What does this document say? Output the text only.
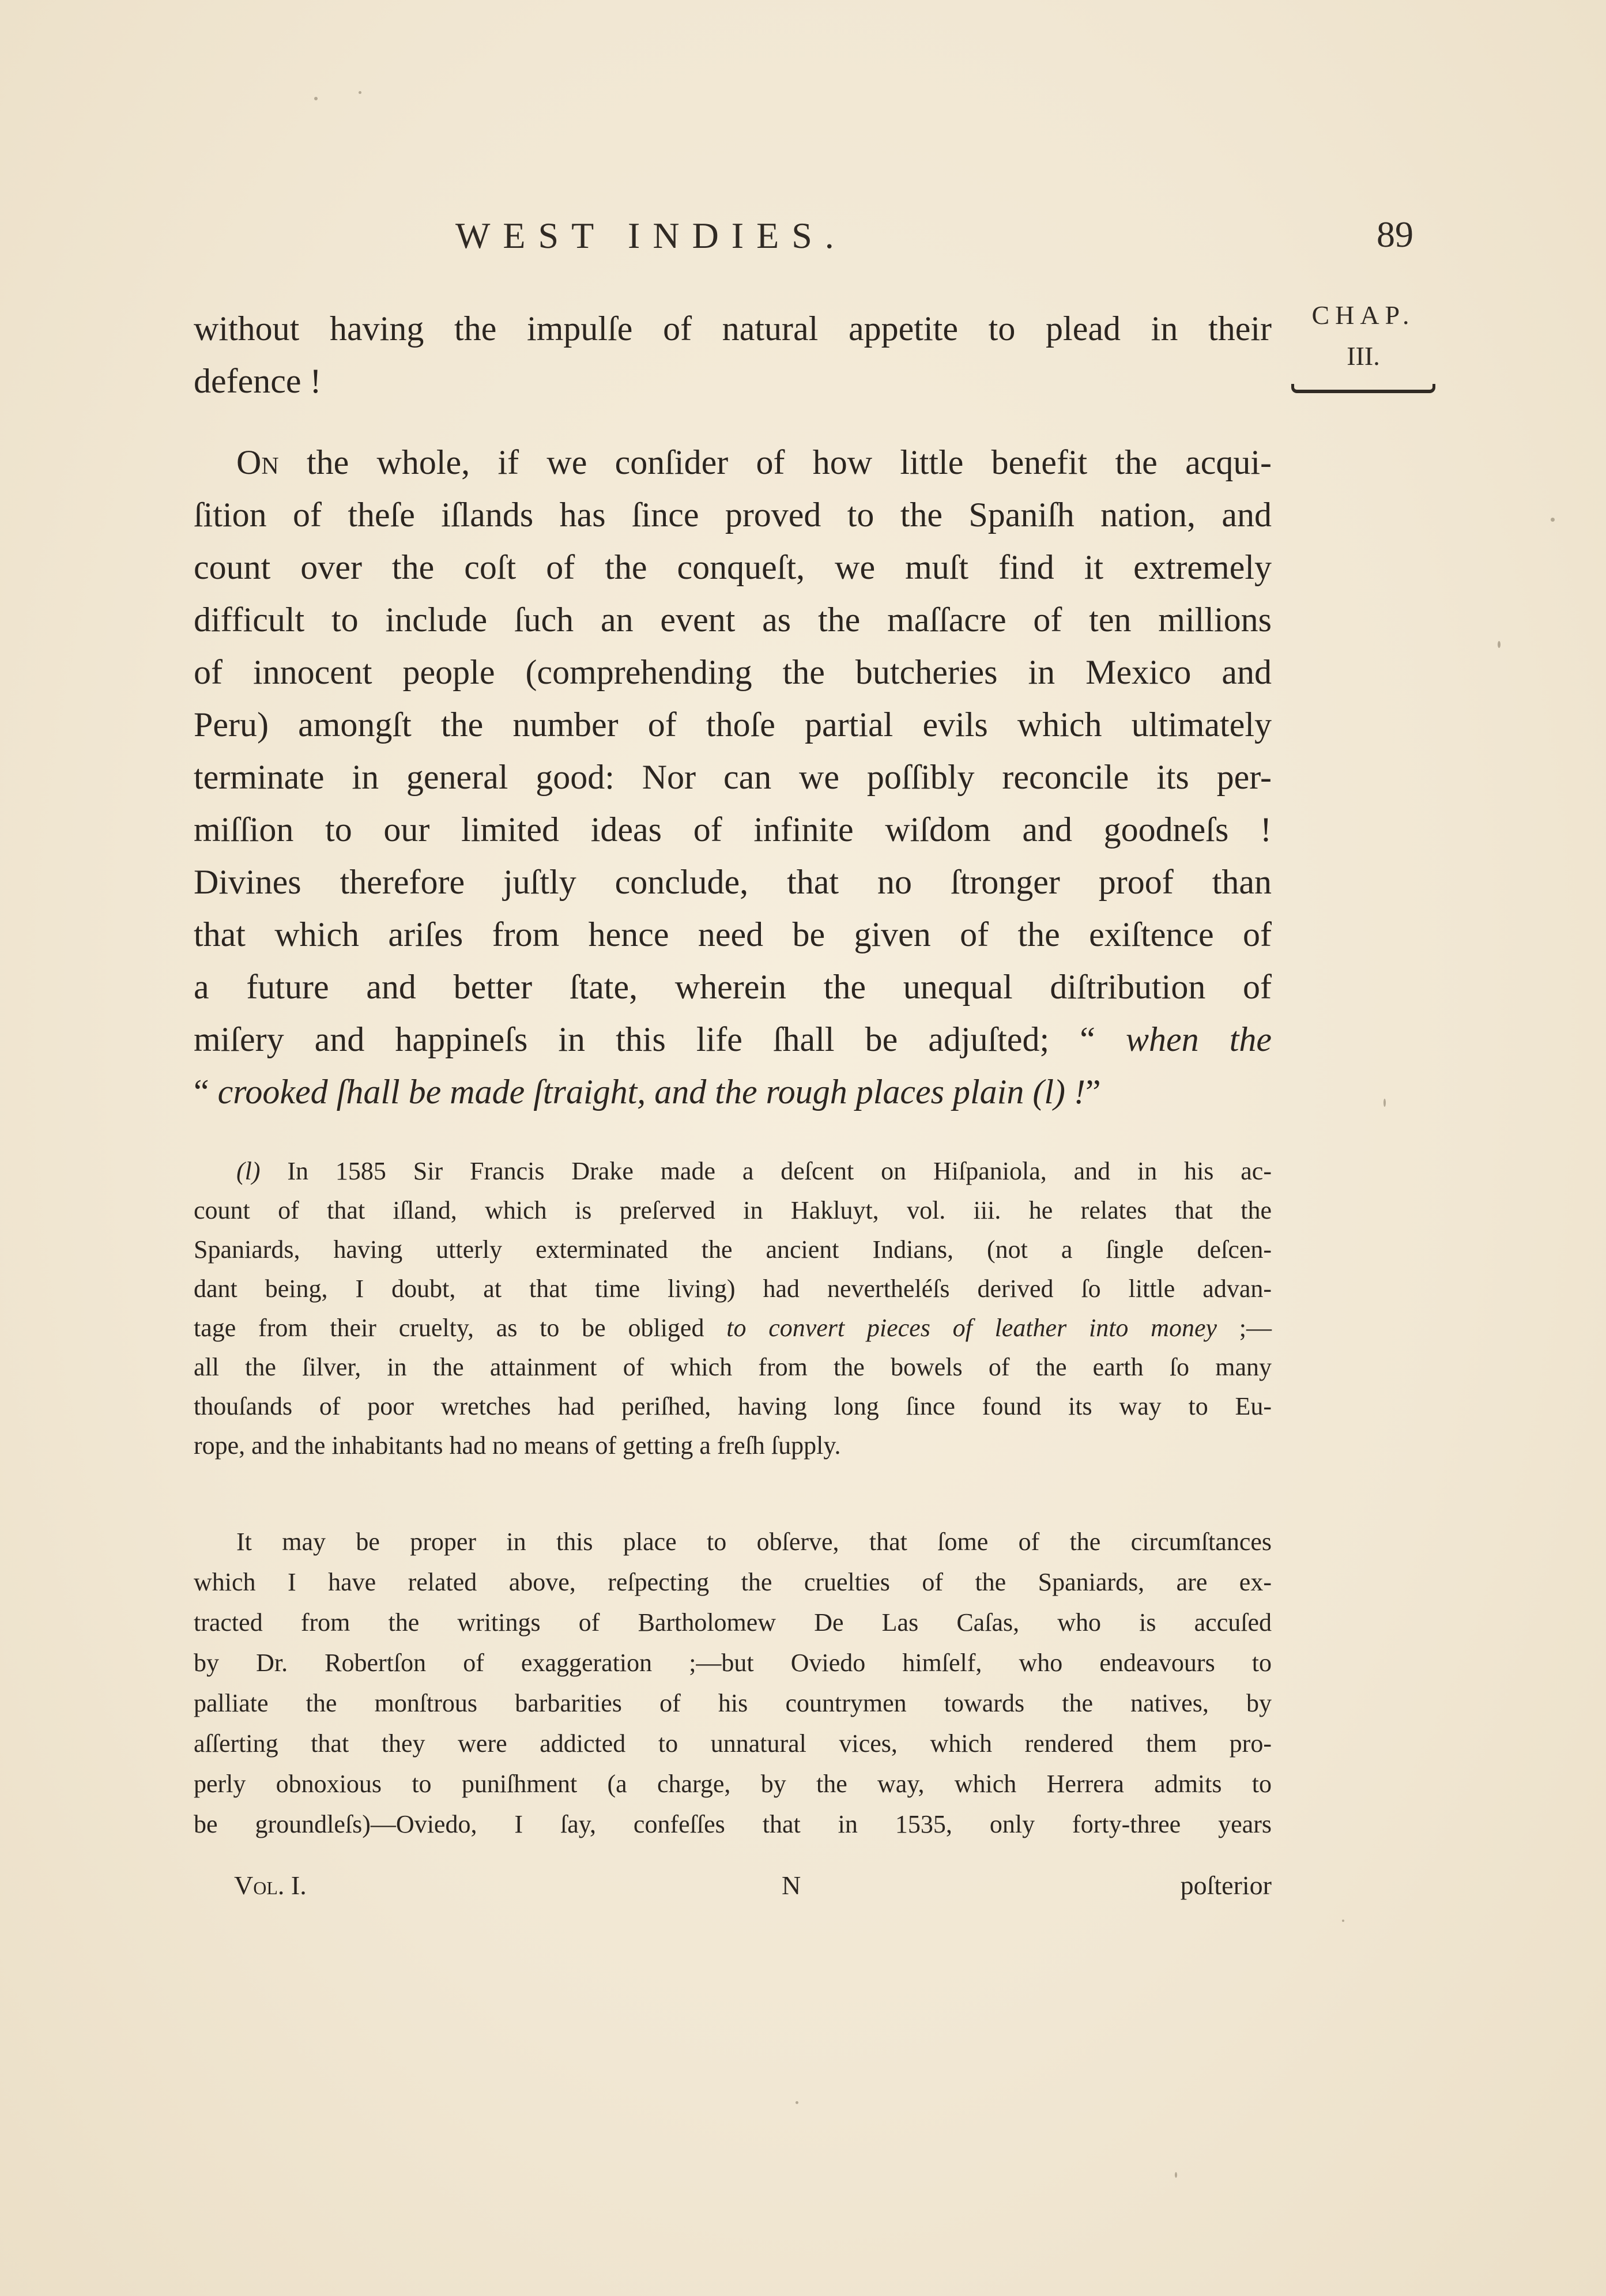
WEST INDIES.	89
CHAP.
III.
without having the impulſe of natural appetite to plead in their
defence !
On the whole, if we conſider of how little benefit the acqui-
ſition of theſe iſlands has ſince proved to the Spaniſh nation, and
count over the coſt of the conqueſt, we muſt find it extremely
difficult to include ſuch an event as the maſſacre of ten millions
of innocent people (comprehending the butcheries in Mexico and
Peru) amongſt the number of thoſe partial evils which ultimately
terminate in general good: Nor can we poſſibly reconcile its per-
miſſion to our limited ideas of infinite wiſdom and goodneſs !
Divines therefore juſtly conclude, that no ſtronger proof than
that which ariſes from hence need be given of the exiſtence of
a future and better ſtate, wherein the unequal diſtribution of
miſery and happineſs in this life ſhall be adjuſted; “ when the
“ crooked ſhall be made ſtraight, and the rough places plain (l) !”
(l) In 1585 Sir Francis Drake made a deſcent on Hiſpaniola, and in his ac-
count of that iſland, which is preſerved in Hakluyt, vol. iii. he relates that the
Spaniards, having utterly exterminated the ancient Indians, (not a ſingle deſcen-
dant being, I doubt, at that time living) had nevertheléſs derived ſo little advan-
tage from their cruelty, as to be obliged to convert pieces of leather into money ;—
all the ſilver, in the attainment of which from the bowels of the earth ſo many
thouſands of poor wretches had periſhed, having long ſince found its way to Eu-
rope, and the inhabitants had no means of getting a freſh ſupply.
It may be proper in this place to obſerve, that ſome of the circumſtances
which I have related above, reſpecting the cruelties of the Spaniards, are ex-
tracted from the writings of Bartholomew De Las Caſas, who is accuſed
by Dr. Robertſon of exaggeration ;—but Oviedo himſelf, who endeavours to
palliate the monſtrous barbarities of his countrymen towards the natives, by
aſſerting that they were addicted to unnatural vices, which rendered them pro-
perly obnoxious to puniſhment (a charge, by the way, which Herrera admits to
be groundleſs)—Oviedo, I ſay, confeſſes that in 1535, only forty-three years
Vol. I.	N	poſterior
